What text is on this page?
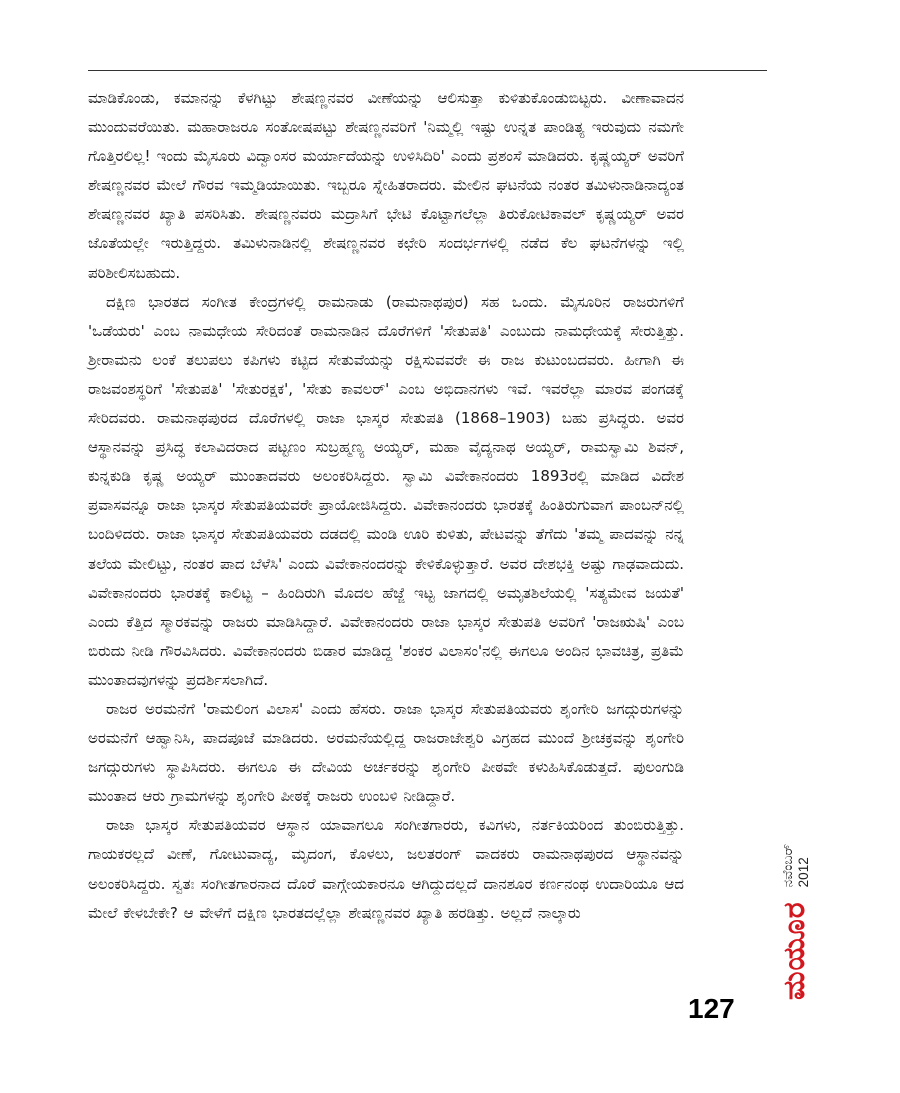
ಮಾಡಿಕೊಂಡು, ಕಮಾನನ್ನು ಕೆಳಗಿಟ್ಟು ಶೇಷಣ್ಣನವರ ವೀಣೆಯನ್ನು ಆಲಿಸುತ್ತಾ ಕುಳಿತುಕೊಂಡುಬಿಟ್ಟರು. ವೀಣಾವಾದನ ಮುಂದುವರೆಯಿತು. ಮಹಾರಾಜರೂ ಸಂತೋಷಪಟ್ಟು ಶೇಷಣ್ಣನವರಿಗೆ 'ನಿಮ್ಮಲ್ಲಿ ಇಷ್ಟು ಉನ್ನತ ಪಾಂಡಿತ್ಯ ಇರುವುದು ನಮಗೇ ಗೊತ್ತಿರಲಿಲ್ಲ! ಇಂದು ಮೈಸೂರು ವಿದ್ವಾಂಸರ ಮರ್ಯಾದೆಯನ್ನು ಉಳಿಸಿದಿರಿ' ಎಂದು ಪ್ರಶಂಸೆ ಮಾಡಿದರು. ಕೃಷ್ಣಯ್ಯರ್ ಅವರಿಗೆ ಶೇಷಣ್ಣನವರ ಮೇಲೆ ಗೌರವ ಇಮ್ಮಡಿಯಾಯಿತು. ಇಬ್ಬರೂ ಸ್ನೇಹಿತರಾದರು. ಮೇಲಿನ ಘಟನೆಯ ನಂತರ ತಮಿಳುನಾಡಿನಾದ್ಯಂತ ಶೇಷಣ್ಣನವರ ಖ್ಯಾತಿ ಪಸರಿಸಿತು. ಶೇಷಣ್ಣನವರು ಮದ್ರಾಸಿಗೆ ಭೇಟಿ ಕೊಟ್ಟಾಗಲೆಲ್ಲಾ ತಿರುಕೋಟಿಕಾವಲ್ ಕೃಷ್ಣಯ್ಯರ್ ಅವರ ಜೊತೆಯಲ್ಲೇ ಇರುತ್ತಿದ್ದರು. ತಮಿಳುನಾಡಿನಲ್ಲಿ ಶೇಷಣ್ಣನವರ ಕಛೇರಿ ಸಂದರ್ಭಗಳಲ್ಲಿ ನಡೆದ ಕೆಲ ಘಟನೆಗಳನ್ನು ಇಲ್ಲಿ ಪರಿಶೀಲಿಸಬಹುದು.

ದಕ್ಷಿಣ ಭಾರತದ ಸಂಗೀತ ಕೇಂದ್ರಗಳಲ್ಲಿ ರಾಮನಾಡು (ರಾಮನಾಥಪುರ) ಸಹ ಒಂದು. ಮೈಸೂರಿನ ರಾಜರುಗಳಿಗೆ 'ಒಡೆಯರು' ಎಂಬ ನಾಮಧೇಯ ಸೇರಿದಂತೆ ರಾಮನಾಡಿನ ದೊರೆಗಳಿಗೆ 'ಸೇತುಪತಿ' ಎಂಬುದು ನಾಮಧೇಯಕ್ಕೆ ಸೇರುತ್ತಿತ್ತು. ಶ್ರೀರಾಮನು ಲಂಕೆ ತಲುಪಲು ಕಪಿಗಳು ಕಟ್ಟಿದ ಸೇತುವೆಯನ್ನು ರಕ್ಷಿಸುವವರೇ ಈ ರಾಜ ಕುಟುಂಬದವರು. ಹೀಗಾಗಿ ಈ ರಾಜವಂಶಸ್ಥರಿಗೆ 'ಸೇತುಪತಿ' 'ಸೇತುರಕ್ಷಕ', 'ಸೇತು ಕಾವಲರ್' ಎಂಬ ಅಭಿದಾನಗಳು ಇವೆ. ಇವರೆಲ್ಲಾ ಮಾರವ ಪಂಗಡಕ್ಕೆ ಸೇರಿದವರು. ರಾಮನಾಥಪುರದ ದೊರೆಗಳಲ್ಲಿ ರಾಜಾ ಭಾಸ್ಕರ ಸೇತುಪತಿ (1868–1903) ಬಹು ಪ್ರಸಿದ್ಧರು. ಅವರ ಆಸ್ಥಾನವನ್ನು ಪ್ರಸಿದ್ಧ ಕಲಾವಿದರಾದ ಪಟ್ಟಣಂ ಸುಬ್ರಹ್ಮಣ್ಯ ಅಯ್ಯರ್, ಮಹಾ ವೈದ್ಯನಾಥ ಅಯ್ಯರ್, ರಾಮಸ್ವಾಮಿ ಶಿವನ್, ಕುನ್ನಕುಡಿ ಕೃಷ್ಣ ಅಯ್ಯರ್ ಮುಂತಾದವರು ಅಲಂಕರಿಸಿದ್ದರು. ಸ್ವಾಮಿ ವಿವೇಕಾನಂದರು 1893ರಲ್ಲಿ ಮಾಡಿದ ವಿದೇಶ ಪ್ರವಾಸವನ್ನೂ ರಾಜಾ ಭಾಸ್ಕರ ಸೇತುಪತಿಯವರೇ ಪ್ರಾಯೋಜಿಸಿದ್ದರು. ವಿವೇಕಾನಂದರು ಭಾರತಕ್ಕೆ ಹಿಂತಿರುಗುವಾಗ ಪಾಂಬನ್‌ನಲ್ಲಿ ಬಂದಿಳಿದರು. ರಾಜಾ ಭಾಸ್ಕರ ಸೇತುಪತಿಯವರು ದಡದಲ್ಲಿ ಮಂಡಿ ಊರಿ ಕುಳಿತು, ಪೇಟವನ್ನು ತೆಗೆದು 'ತಮ್ಮ ಪಾದವನ್ನು ನನ್ನ ತಲೆಯ ಮೇಲಿಟ್ಟು, ನಂತರ ಪಾದ ಬೆಳೆಸಿ' ಎಂದು ವಿವೇಕಾನಂದರನ್ನು ಕೇಳಿಕೊಳ್ಳುತ್ತಾರೆ. ಅವರ ದೇಶಭಕ್ತಿ ಅಷ್ಟು ಗಾಢವಾದುದು. ವಿವೇಕಾನಂದರು ಭಾರತಕ್ಕೆ ಕಾಲಿಟ್ಟ – ಹಿಂದಿರುಗಿ ಮೊದಲ ಹೆಜ್ಜೆ ಇಟ್ಟ ಜಾಗದಲ್ಲಿ ಅಮೃತಶಿಲೆಯಲ್ಲಿ 'ಸತ್ಯಮೇವ ಜಯತೆ' ಎಂದು ಕೆತ್ತಿದ ಸ್ಮಾರಕವನ್ನು ರಾಜರು ಮಾಡಿಸಿದ್ದಾರೆ. ವಿವೇಕಾನಂದರು ರಾಜಾ ಭಾಸ್ಕರ ಸೇತುಪತಿ ಅವರಿಗೆ 'ರಾಜಋಷಿ' ಎಂಬ ಬಿರುದು ನೀಡಿ ಗೌರವಿಸಿದರು. ವಿವೇಕಾನಂದರು ಬಿಡಾರ ಮಾಡಿದ್ದ 'ಶಂಕರ ವಿಲಾಸಂ'ನಲ್ಲಿ ಈಗಲೂ ಅಂದಿನ ಭಾವಚಿತ್ರ, ಪ್ರತಿಮೆ ಮುಂತಾದವುಗಳನ್ನು ಪ್ರದರ್ಶಿಸಲಾಗಿದೆ.

ರಾಜರ ಅರಮನೆಗೆ 'ರಾಮಲಿಂಗ ವಿಲಾಸ' ಎಂದು ಹೆಸರು. ರಾಜಾ ಭಾಸ್ಕರ ಸೇತುಪತಿಯವರು ಶೃಂಗೇರಿ ಜಗದ್ಗುರುಗಳನ್ನು ಅರಮನೆಗೆ ಆಹ್ವಾನಿಸಿ, ಪಾದಪೂಜೆ ಮಾಡಿದರು. ಅರಮನೆಯಲ್ಲಿದ್ದ ರಾಜರಾಜೇಶ್ವರಿ ವಿಗ್ರಹದ ಮುಂದೆ ಶ್ರೀಚಕ್ರವನ್ನು ಶೃಂಗೇರಿ ಜಗದ್ಗುರುಗಳು ಸ್ಥಾಪಿಸಿದರು. ಈಗಲೂ ಈ ದೇವಿಯ ಅರ್ಚಕರನ್ನು ಶೃಂಗೇರಿ ಪೀಠವೇ ಕಳುಹಿಸಿಕೊಡುತ್ತದೆ. ಪುಲಂಗುಡಿ ಮುಂತಾದ ಆರು ಗ್ರಾಮಗಳನ್ನು ಶೃಂಗೇರಿ ಪೀಠಕ್ಕೆ ರಾಜರು ಉಂಬಳಿ ನೀಡಿದ್ದಾರೆ.

ರಾಜಾ ಭಾಸ್ಕರ ಸೇತುಪತಿಯವರ ಆಸ್ಥಾನ ಯಾವಾಗಲೂ ಸಂಗೀತಗಾರರು, ಕವಿಗಳು, ನರ್ತಕಿಯರಿಂದ ತುಂಬಿರುತ್ತಿತ್ತು. ಗಾಯಕರಲ್ಲದೆ ವೀಣೆ, ಗೋಟುವಾದ್ಯ, ಮೃದಂಗ, ಕೊಳಲು, ಜಲತರಂಗ್ ವಾದಕರು ರಾಮನಾಥಪುರದ ಆಸ್ಥಾನವನ್ನು ಅಲಂಕರಿಸಿದ್ದರು. ಸ್ವತಃ ಸಂಗೀತಗಾರನಾದ ದೊರೆ ವಾಗ್ಗೇಯಕಾರನೂ ಆಗಿದ್ದುದಲ್ಲದೆ ದಾನಶೂರ ಕರ್ಣನಂಥ ಉದಾರಿಯೂ ಆದ ಮೇಲೆ ಕೇಳಬೇಕೇ? ಆ ವೇಳೆಗೆ ದಕ್ಷಿಣ ಭಾರತದಲ್ಲೆಲ್ಲಾ ಶೇಷಣ್ಣನವರ ಖ್ಯಾತಿ ಹರಡಿತ್ತು. ಅಲ್ಲದೆ ನಾಲ್ಕಾರು	ಮಯೂರ
ನವೆಂಬರ್ 2012
127
